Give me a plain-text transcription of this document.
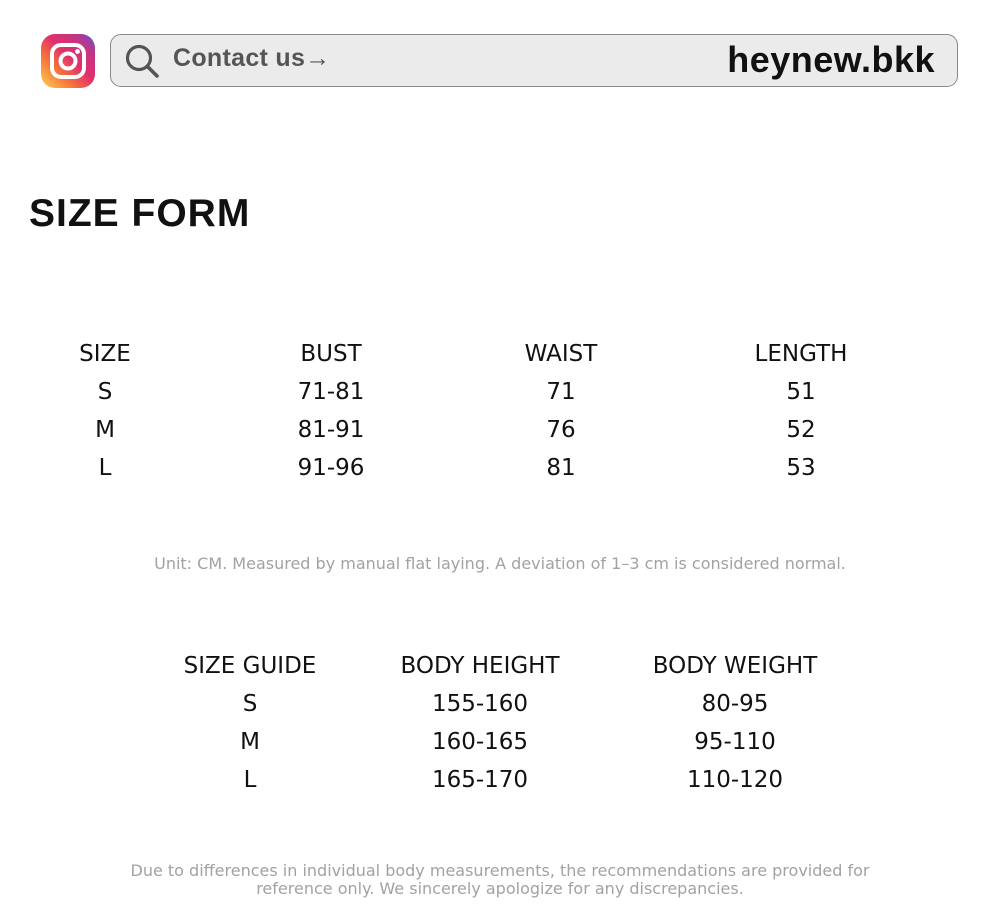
Contact us→	heynew.bkk
SIZE FORM
SIZE	BUST	WAIST	LENGTH
S	71-81	71	51
M	81-91	76	52
L	91-96	81	53
Unit: CM. Measured by manual flat laying. A deviation of 1–3 cm is considered normal.
SIZE GUIDE	BODY HEIGHT	BODY WEIGHT
S	155-160	80-95
M	160-165	95-110
L	165-170	110-120
Due to differences in individual body measurements, the recommendations are provided for
reference only. We sincerely apologize for any discrepancies.
